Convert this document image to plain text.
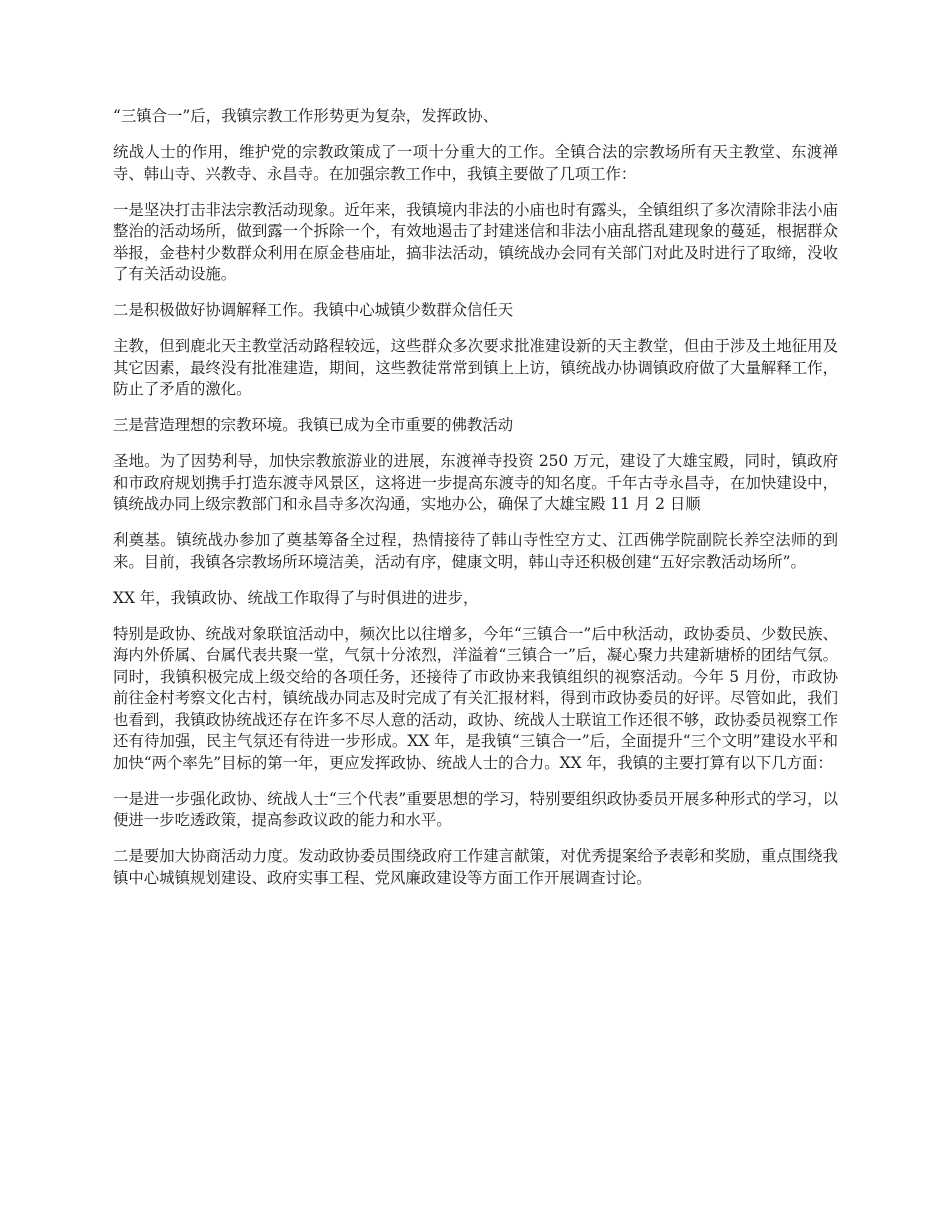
“三镇合一”后，我镇宗教工作形势更为复杂，发挥政协、

统战人士的作用，维护党的宗教政策成了一项十分重大的工作。全镇合法的宗教场所有天主教堂、东渡禅寺、韩山寺、兴教寺、永昌寺。在加强宗教工作中，我镇主要做了几项工作：

一是坚决打击非法宗教活动现象。近年来，我镇境内非法的小庙也时有露头，全镇组织了多次清除非法小庙整治的活动场所，做到露一个拆除一个，有效地遏击了封建迷信和非法小庙乱搭乱建现象的蔓延，根据群众举报，金巷村少数群众利用在原金巷庙址，搞非法活动，镇统战办会同有关部门对此及时进行了取缔，没收了有关活动设施。

二是积极做好协调解释工作。我镇中心城镇少数群众信任天

主教，但到鹿北天主教堂活动路程较远，这些群众多次要求批准建设新的天主教堂，但由于涉及土地征用及其它因素，最终没有批准建造，期间，这些教徒常常到镇上上访，镇统战办协调镇政府做了大量解释工作，防止了矛盾的激化。

三是营造理想的宗教环境。我镇已成为全市重要的佛教活动

圣地。为了因势利导，加快宗教旅游业的进展，东渡禅寺投资 250 万元，建设了大雄宝殿，同时，镇政府和市政府规划携手打造东渡寺风景区，这将进一步提高东渡寺的知名度。千年古寺永昌寺，在加快建设中，镇统战办同上级宗教部门和永昌寺多次沟通，实地办公，确保了大雄宝殿 11 月 2 日顺

利奠基。镇统战办参加了奠基筹备全过程，热情接待了韩山寺性空方丈、江西佛学院副院长养空法师的到来。目前，我镇各宗教场所环境洁美，活动有序，健康文明，韩山寺还积极创建“五好宗教活动场所”。

XX 年，我镇政协、统战工作取得了与时俱进的进步，

特别是政协、统战对象联谊活动中，频次比以往增多，今年“三镇合一”后中秋活动，政协委员、少数民族、海内外侨属、台属代表共聚一堂，气氛十分浓烈，洋溢着“三镇合一”后，凝心聚力共建新塘桥的团结气氛。同时，我镇积极完成上级交给的各项任务，还接待了市政协来我镇组织的视察活动。今年 5 月份，市政协前往金村考察文化古村，镇统战办同志及时完成了有关汇报材料，得到市政协委员的好评。尽管如此，我们也看到，我镇政协统战还存在许多不尽人意的活动，政协、统战人士联谊工作还很不够，政协委员视察工作还有待加强，民主气氛还有待进一步形成。XX 年，是我镇“三镇合一”后，全面提升“三个文明”建设水平和加快“两个率先”目标的第一年，更应发挥政协、统战人士的合力。XX 年，我镇的主要打算有以下几方面：

一是进一步强化政协、统战人士“三个代表”重要思想的学习，特别要组织政协委员开展多种形式的学习，以便进一步吃透政策，提高参政议政的能力和水平。

二是要加大协商活动力度。发动政协委员围绕政府工作建言献策，对优秀提案给予表彰和奖励，重点围绕我镇中心城镇规划建设、政府实事工程、党风廉政建设等方面工作开展调查讨论。
